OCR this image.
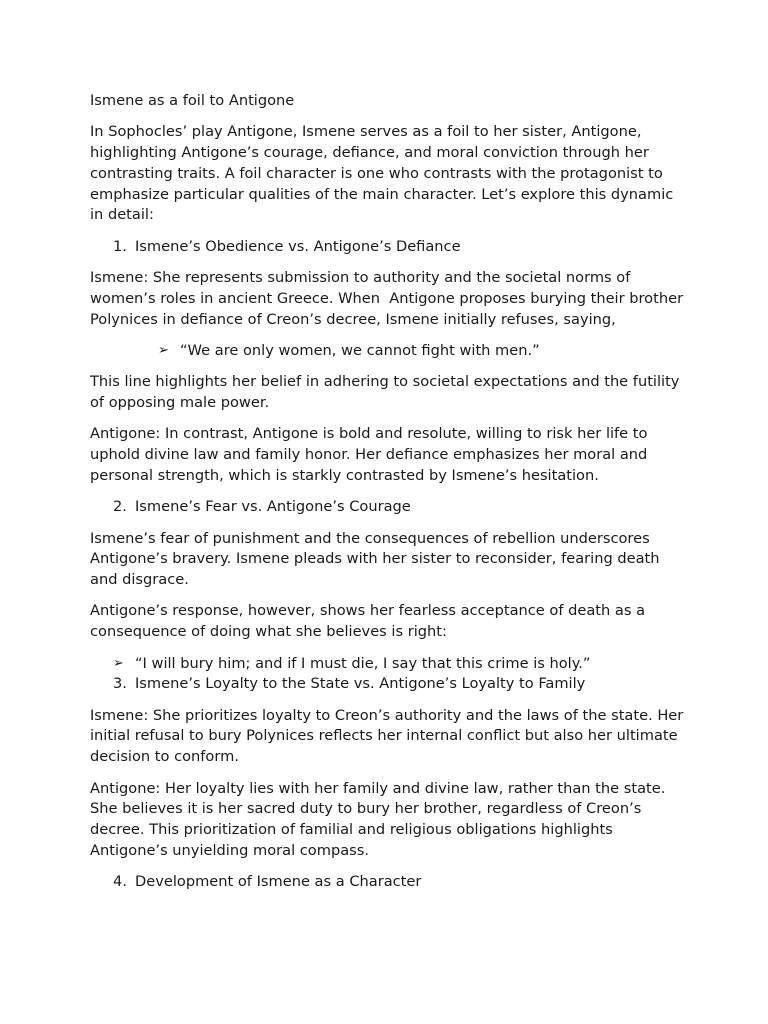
Ismene as a foil to Antigone

In Sophocles’ play Antigone, Ismene serves as a foil to her sister, Antigone, highlighting Antigone’s courage, defiance, and moral conviction through her contrasting traits. A foil character is one who contrasts with the protagonist to emphasize particular qualities of the main character. Let’s explore this dynamic in detail:

1. Ismene’s Obedience vs. Antigone’s Defiance

Ismene: She represents submission to authority and the societal norms of women’s roles in ancient Greece. When  Antigone proposes burying their brother Polynices in defiance of Creon’s decree, Ismene initially refuses, saying,

➢ “We are only women, we cannot fight with men.”

This line highlights her belief in adhering to societal expectations and the futility of opposing male power.

Antigone: In contrast, Antigone is bold and resolute, willing to risk her life to uphold divine law and family honor. Her defiance emphasizes her moral and personal strength, which is starkly contrasted by Ismene’s hesitation.

2. Ismene’s Fear vs. Antigone’s Courage

Ismene’s fear of punishment and the consequences of rebellion underscores Antigone’s bravery. Ismene pleads with her sister to reconsider, fearing death and disgrace.

Antigone’s response, however, shows her fearless acceptance of death as a consequence of doing what she believes is right:

➢ “I will bury him; and if I must die, I say that this crime is holy.”
3. Ismene’s Loyalty to the State vs. Antigone’s Loyalty to Family

Ismene: She prioritizes loyalty to Creon’s authority and the laws of the state. Her initial refusal to bury Polynices reflects her internal conflict but also her ultimate decision to conform.

Antigone: Her loyalty lies with her family and divine law, rather than the state. She believes it is her sacred duty to bury her brother, regardless of Creon’s decree. This prioritization of familial and religious obligations highlights Antigone’s unyielding moral compass.

4. Development of Ismene as a Character
